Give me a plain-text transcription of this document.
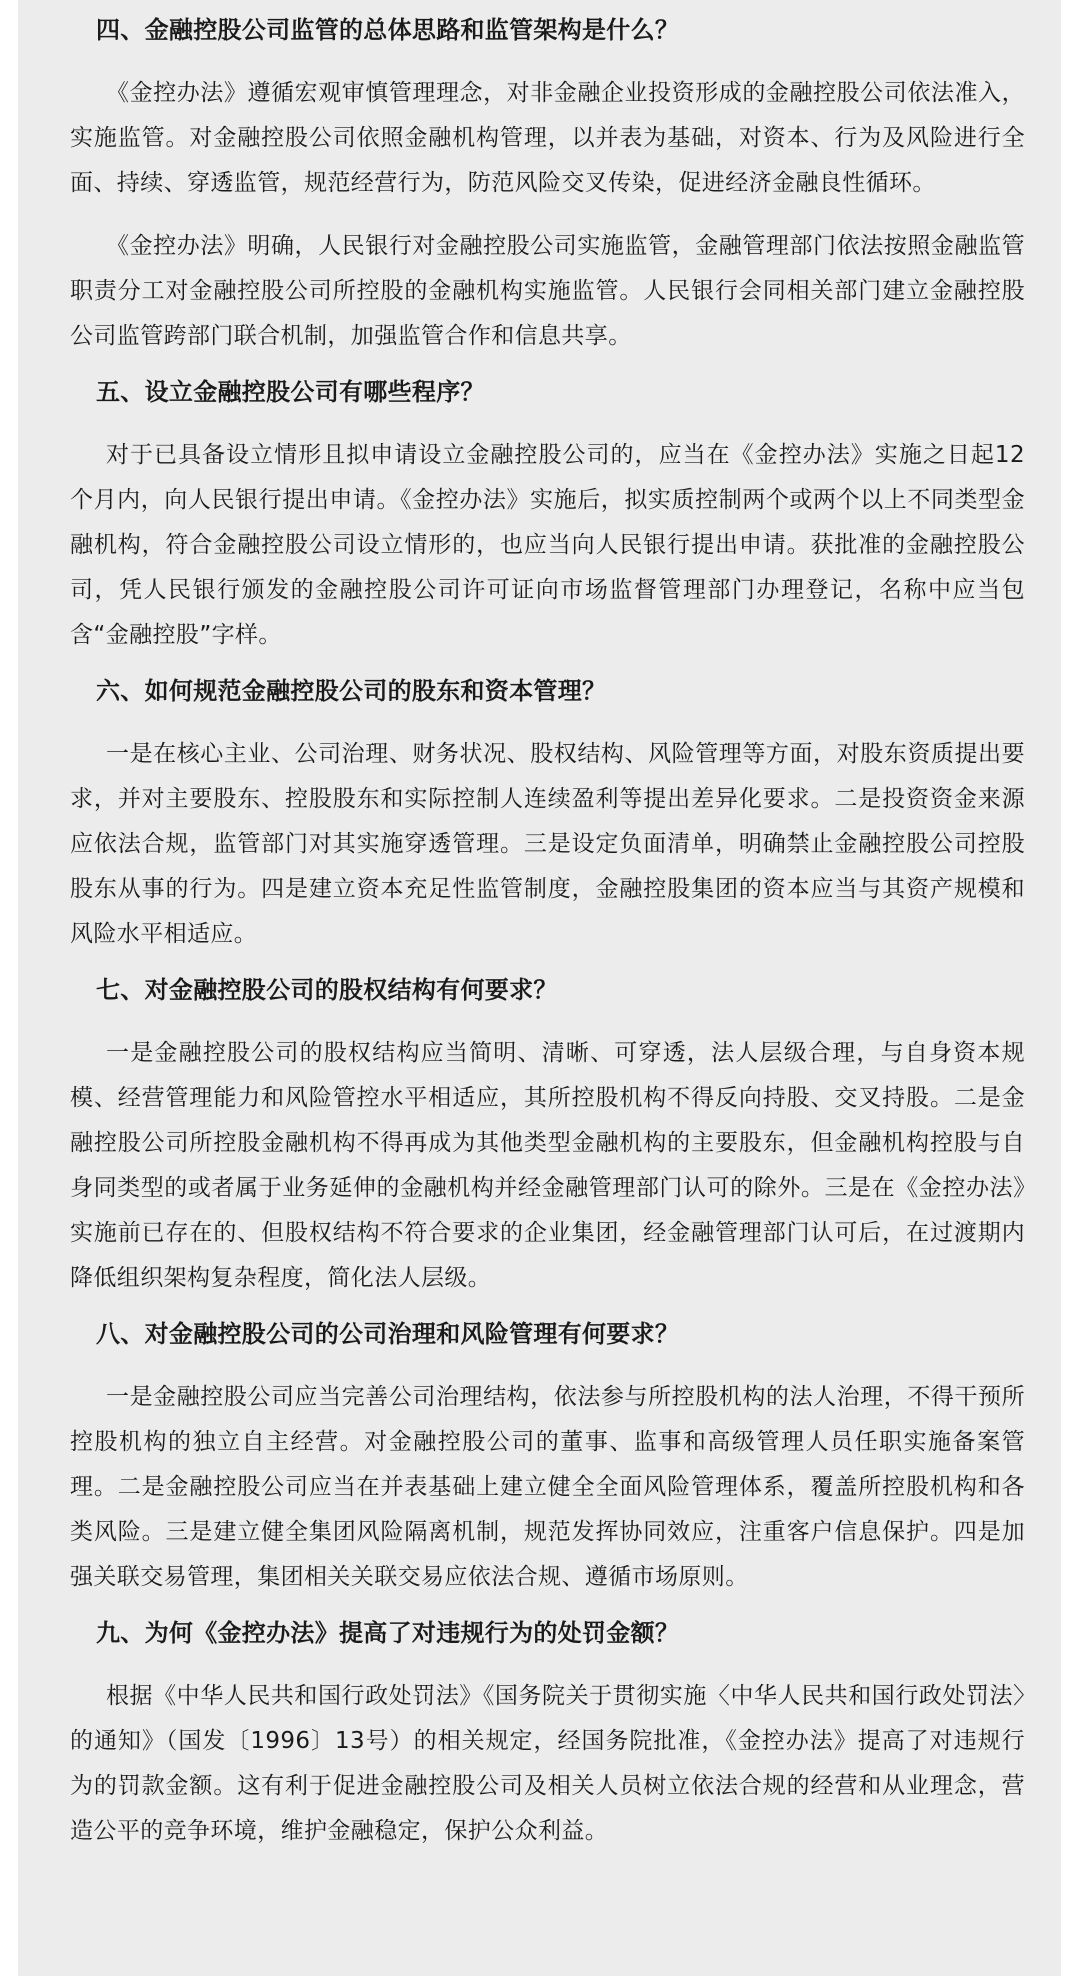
四、金融控股公司监管的总体思路和监管架构是什么？

《金控办法》遵循宏观审慎管理理念，对非金融企业投资形成的金融控股公司依法准入，实施监管。对金融控股公司依照金融机构管理，以并表为基础，对资本、行为及风险进行全面、持续、穿透监管，规范经营行为，防范风险交叉传染，促进经济金融良性循环。

《金控办法》明确，人民银行对金融控股公司实施监管，金融管理部门依法按照金融监管职责分工对金融控股公司所控股的金融机构实施监管。人民银行会同相关部门建立金融控股公司监管跨部门联合机制，加强监管合作和信息共享。

五、设立金融控股公司有哪些程序？

对于已具备设立情形且拟申请设立金融控股公司的，应当在《金控办法》实施之日起12个月内，向人民银行提出申请。《金控办法》实施后，拟实质控制两个或两个以上不同类型金融机构，符合金融控股公司设立情形的，也应当向人民银行提出申请。获批准的金融控股公司，凭人民银行颁发的金融控股公司许可证向市场监督管理部门办理登记，名称中应当包含“金融控股”字样。

六、如何规范金融控股公司的股东和资本管理？

一是在核心主业、公司治理、财务状况、股权结构、风险管理等方面，对股东资质提出要求，并对主要股东、控股股东和实际控制人连续盈利等提出差异化要求。二是投资资金来源应依法合规，监管部门对其实施穿透管理。三是设定负面清单，明确禁止金融控股公司控股股东从事的行为。四是建立资本充足性监管制度，金融控股集团的资本应当与其资产规模和风险水平相适应。

七、对金融控股公司的股权结构有何要求？

一是金融控股公司的股权结构应当简明、清晰、可穿透，法人层级合理，与自身资本规模、经营管理能力和风险管控水平相适应，其所控股机构不得反向持股、交叉持股。二是金融控股公司所控股金融机构不得再成为其他类型金融机构的主要股东，但金融机构控股与自身同类型的或者属于业务延伸的金融机构并经金融管理部门认可的除外。三是在《金控办法》实施前已存在的、但股权结构不符合要求的企业集团，经金融管理部门认可后，在过渡期内降低组织架构复杂程度，简化法人层级。

八、对金融控股公司的公司治理和风险管理有何要求？

一是金融控股公司应当完善公司治理结构，依法参与所控股机构的法人治理，不得干预所控股机构的独立自主经营。对金融控股公司的董事、监事和高级管理人员任职实施备案管理。二是金融控股公司应当在并表基础上建立健全全面风险管理体系，覆盖所控股机构和各类风险。三是建立健全集团风险隔离机制，规范发挥协同效应，注重客户信息保护。四是加强关联交易管理，集团相关关联交易应依法合规、遵循市场原则。

九、为何《金控办法》提高了对违规行为的处罚金额？

根据《中华人民共和国行政处罚法》《国务院关于贯彻实施〈中华人民共和国行政处罚法〉的通知》（国发〔1996〕13号）的相关规定，经国务院批准，《金控办法》提高了对违规行为的罚款金额。这有利于促进金融控股公司及相关人员树立依法合规的经营和从业理念，营造公平的竞争环境，维护金融稳定，保护公众利益。
